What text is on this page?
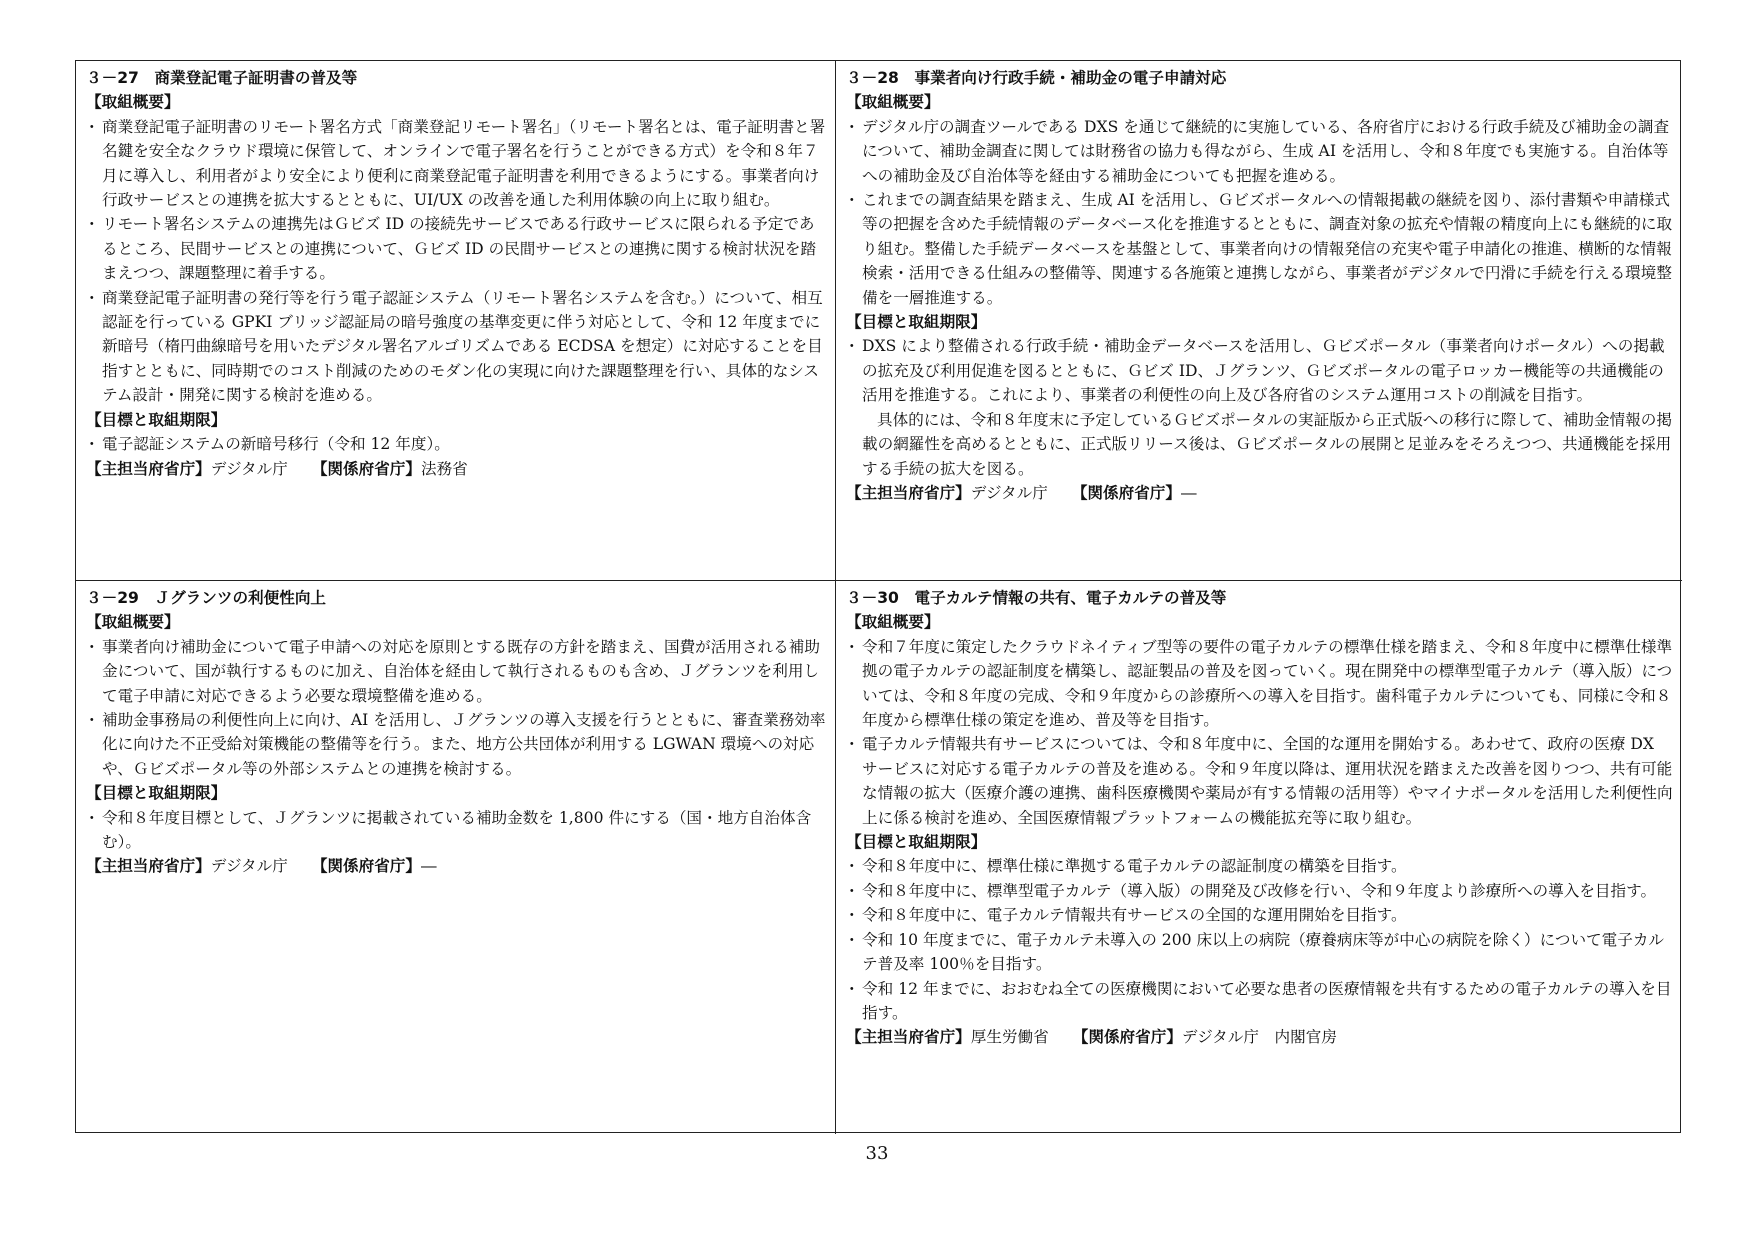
３－27　商業登記電子証明書の普及等
【取組概要】
・ 商業登記電子証明書のリモート署名方式「商業登記リモート署名」（リモート署名とは、電子証明書と署名鍵を安全なクラウド環境に保管して、オンラインで電子署名を行うことができる方式）を令和８年７月に導入し、利用者がより安全により便利に商業登記電子証明書を利用できるようにする。事業者向け行政サービスとの連携を拡大するとともに、UI/UX の改善を通した利用体験の向上に取り組む。
・ リモート署名システムの連携先はＧビズ ID の接続先サービスである行政サービスに限られる予定であるところ、民間サービスとの連携について、Ｇビズ ID の民間サービスとの連携に関する検討状況を踏まえつつ、課題整理に着手する。
・ 商業登記電子証明書の発行等を行う電子認証システム（リモート署名システムを含む。）について、相互認証を行っている GPKI ブリッジ認証局の暗号強度の基準変更に伴う対応として、令和 12 年度までに新暗号（楕円曲線暗号を用いたデジタル署名アルゴリズムである ECDSA を想定）に対応することを目指すとともに、同時期でのコスト削減のためのモダン化の実現に向けた課題整理を行い、具体的なシステム設計・開発に関する検討を進める。
【目標と取組期限】
・ 電子認証システムの新暗号移行（令和 12 年度）。
【主担当府省庁】デジタル庁 【関係府省庁】法務省
３－28　事業者向け行政手続・補助金の電子申請対応
【取組概要】
・ デジタル庁の調査ツールである DXS を通じて継続的に実施している、各府省庁における行政手続及び補助金の調査について、補助金調査に関しては財務省の協力も得ながら、生成 AI を活用し、令和８年度でも実施する。自治体等への補助金及び自治体等を経由する補助金についても把握を進める。
・ これまでの調査結果を踏まえ、生成 AI を活用し、Ｇビズポータルへの情報掲載の継続を図り、添付書類や申請様式等の把握を含めた手続情報のデータベース化を推進するとともに、調査対象の拡充や情報の精度向上にも継続的に取り組む。整備した手続データベースを基盤として、事業者向けの情報発信の充実や電子申請化の推進、横断的な情報検索・活用できる仕組みの整備等、関連する各施策と連携しながら、事業者がデジタルで円滑に手続を行える環境整備を一層推進する。
【目標と取組期限】
・ DXS により整備される行政手続・補助金データベースを活用し、Ｇビズポータル（事業者向けポータル）への掲載の拡充及び利用促進を図るとともに、Ｇビズ ID、Ｊグランツ、Ｇビズポータルの電子ロッカー機能等の共通機能の活用を推進する。これにより、事業者の利便性の向上及び各府省のシステム運用コストの削減を目指す。
具体的には、令和８年度末に予定しているＧビズポータルの実証版から正式版への移行に際して、補助金情報の掲載の網羅性を高めるとともに、正式版リリース後は、Ｇビズポータルの展開と足並みをそろえつつ、共通機能を採用する手続の拡大を図る。
【主担当府省庁】デジタル庁 【関係府省庁】―
３－29　Ｊグランツの利便性向上
【取組概要】
・ 事業者向け補助金について電子申請への対応を原則とする既存の方針を踏まえ、国費が活用される補助金について、国が執行するものに加え、自治体を経由して執行されるものも含め、Ｊグランツを利用して電子申請に対応できるよう必要な環境整備を進める。
・ 補助金事務局の利便性向上に向け、AI を活用し、Ｊグランツの導入支援を行うとともに、審査業務効率化に向けた不正受給対策機能の整備等を行う。また、地方公共団体が利用する LGWAN 環境への対応や、Ｇビズポータル等の外部システムとの連携を検討する。
【目標と取組期限】
・ 令和８年度目標として、Ｊグランツに掲載されている補助金数を 1,800 件にする（国・地方自治体含む）。
【主担当府省庁】デジタル庁 【関係府省庁】―
３－30　電子カルテ情報の共有、電子カルテの普及等
【取組概要】
・ 令和７年度に策定したクラウドネイティブ型等の要件の電子カルテの標準仕様を踏まえ、令和８年度中に標準仕様準拠の電子カルテの認証制度を構築し、認証製品の普及を図っていく。現在開発中の標準型電子カルテ（導入版）については、令和８年度の完成、令和９年度からの診療所への導入を目指す。歯科電子カルテについても、同様に令和８年度から標準仕様の策定を進め、普及等を目指す。
・ 電子カルテ情報共有サービスについては、令和８年度中に、全国的な運用を開始する。あわせて、政府の医療 DX サービスに対応する電子カルテの普及を進める。令和９年度以降は、運用状況を踏まえた改善を図りつつ、共有可能な情報の拡大（医療介護の連携、歯科医療機関や薬局が有する情報の活用等）やマイナポータルを活用した利便性向上に係る検討を進め、全国医療情報プラットフォームの機能拡充等に取り組む。
【目標と取組期限】
・ 令和８年度中に、標準仕様に準拠する電子カルテの認証制度の構築を目指す。
・ 令和８年度中に、標準型電子カルテ（導入版）の開発及び改修を行い、令和９年度より診療所への導入を目指す。
・ 令和８年度中に、電子カルテ情報共有サービスの全国的な運用開始を目指す。
・ 令和 10 年度までに、電子カルテ未導入の 200 床以上の病院（療養病床等が中心の病院を除く）について電子カルテ普及率 100％を目指す。
・ 令和 12 年までに、おおむね全ての医療機関において必要な患者の医療情報を共有するための電子カルテの導入を目指す。
【主担当府省庁】厚生労働省 【関係府省庁】デジタル庁　内閣官房
33
